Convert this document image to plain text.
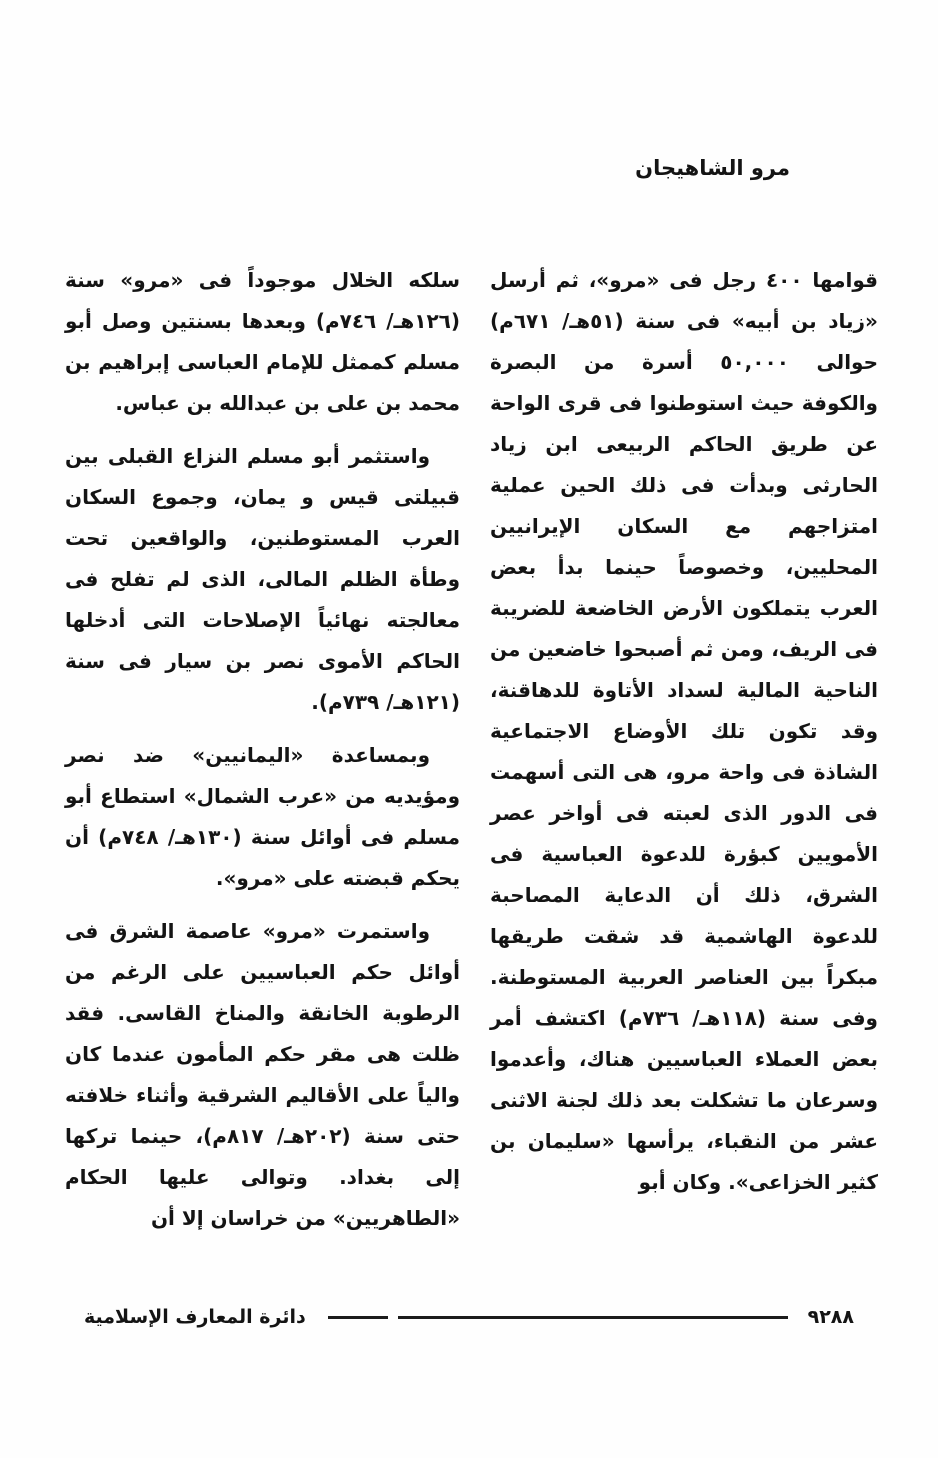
مرو الشاهيجان

قوامها ٤٠٠ رجل فى «مرو»، ثم أرسل «زياد بن أبيه» فى سنة (٥١هـ/ ٦٧١م) حوالى ٥٠,٠٠٠ أسرة من البصرة والكوفة حيث استوطنوا فى قرى الواحة عن طريق الحاكم الربيعى ابن زياد الحارثى وبدأت فى ذلك الحين عملية امتزاجهم مع السكان الإيرانيين المحليين، وخصوصاً حينما بدأ بعض العرب يتملكون الأرض الخاضعة للضريبة فى الريف، ومن ثم أصبحوا خاضعين من الناحية المالية لسداد الأتاوة للدهاقنة، وقد تكون تلك الأوضاع الاجتماعية الشاذة فى واحة مرو، هى التى أسهمت فى الدور الذى لعبته فى أواخر عصر الأمويين كبؤرة للدعوة العباسية فى الشرق، ذلك أن الدعاية المصاحبة للدعوة الهاشمية قد شقت طريقها مبكراً بين العناصر العربية المستوطنة. وفى سنة (١١٨هـ/ ٧٣٦م) اكتشف أمر بعض العملاء العباسيين هناك، وأعدموا وسرعان ما تشكلت بعد ذلك لجنة الاثنى عشر من النقباء، يرأسها «سليمان بن كثير الخزاعى». وكان أبو

سلكه الخلال موجوداً فى «مرو» سنة (١٢٦هـ/ ٧٤٦م) وبعدها بسنتين وصل أبو مسلم كممثل للإمام العباسى إبراهيم بن محمد بن على بن عبدالله بن عباس.

واستثمر أبو مسلم النزاع القبلى بين قبيلتى قيس و يمان، وجموع السكان العرب المستوطنين، والواقعين تحت وطأة الظلم المالى، الذى لم تفلح فى معالجته نهائياً الإصلاحات التى أدخلها الحاكم الأموى نصر بن سيار فى سنة (١٢١هـ/ ٧٣٩م).

وبمساعدة «اليمانيين» ضد نصر ومؤيديه من «عرب الشمال» استطاع أبو مسلم فى أوائل سنة (١٣٠هـ/ ٧٤٨م) أن يحكم قبضته على «مرو».

واستمرت «مرو» عاصمة الشرق فى أوائل حكم العباسيين على الرغم من الرطوبة الخانقة والمناخ القاسى. فقد ظلت هى مقر حكم المأمون عندما كان والياً على الأقاليم الشرقية وأثناء خلافته حتى سنة (٢٠٢هـ/ ٨١٧م)، حينما تركها إلى بغداد. وتوالى عليها الحكام «الطاهريين» من خراسان إلا أن

٩٢٨٨
دائرة المعارف الإسلامية
